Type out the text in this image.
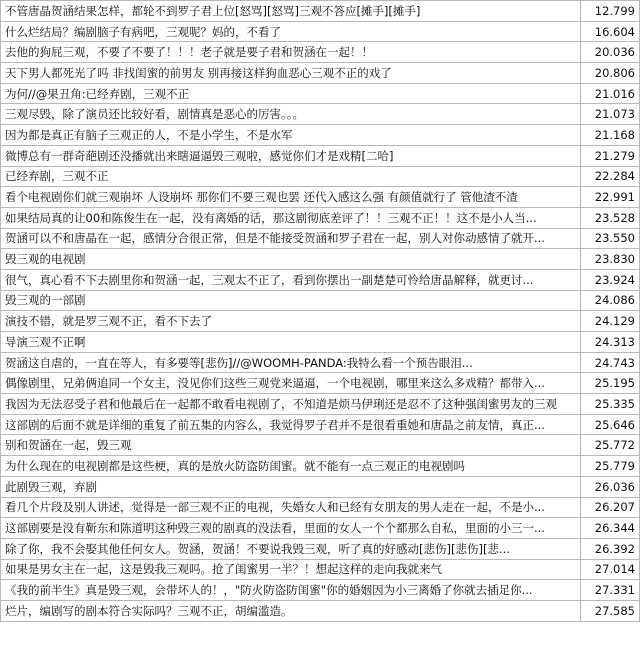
不管唐晶贺涵结果怎样，都轮不到罗子君上位[怒骂][怒骂]三观不答应[摊手][摊手]	12.799
什么烂结局？编剧脑子有病吧，三观呢？妈的，不看了	16.604
去他的狗屁三观，不要了不要了！！！老子就是要子君和贺涵在一起！！	20.036
天下男人都死光了吗 非找闺蜜的前男友 别再接这样狗血恶心三观不正的戏了	20.806
为何//@果丑角:已经弃剧，三观不正	21.016
三观尽毁，除了演员还比较好看，剧情真是恶心的厉害。。。	21.073
因为都是真正有脑子三观正的人，不是小学生，不是水军	21.168
微博总有一群奇葩剧还没播就出来瞎逼逼毁三观啦，感觉你们才是戏精[二哈]	21.279
已经弃剧，三观不正	22.284
看个电视剧你们就三观崩坏 人设崩坏 那你们不要三观也罢 还代入感这么强 有颜值就行了 管他渣不渣	22.991
如果结局真的让00和陈俊生在一起，没有离婚的话，那这剧彻底差评了！！三观不正！！这不是小人当...	23.528
贺涵可以不和唐晶在一起，感情分合很正常，但是不能接受贺涵和罗子君在一起，别人对你动感情了就开...	23.550
毁三观的电视剧	23.830
很气，真心看不下去剧里你和贺涵一起，三观太不正了，看到你摆出一副楚楚可怜给唐晶解释，就更讨...	23.924
毁三观的一部剧	24.086
演技不错，就是罗三观不正，看不下去了	24.129
导演三观不正啊	24.313
贺涵这自虐的，一直在等人，有多要等[悲伤]//@WOOMH-PANDA:我特么看一个预告眼泪...	24.743
偶像剧里，兄弟俩追同一个女主，没见你们这些三观党来逼逼，一个电视剧，哪里来这么多戏精？都带入...	25.195
我因为无法忍受子君和他最后在一起都不敢看电视剧了，不知道是烦马伊琍还是忍不了这种强闺蜜男友的三观	25.335
这部剧的后面不就是详细的重复了前五集的内容么，我觉得罗子君并不是很看重她和唐晶之前友情，真正...	25.646
别和贺涵在一起，毁三观	25.772
为什么现在的电视剧都是这些梗，真的是放火防盗防闺蜜。就不能有一点三观正的电视剧吗	25.779
此剧毁三观，弃剧	26.036
看几个片段及别人讲述，觉得是一部三观不正的电视，失婚女人和已经有女朋友的男人走在一起，不是小...	26.207
这部剧要是没有靳东和陈道明这种毁三观的剧真的没法看，里面的女人一个个都那么自私，里面的小三一...	26.344
除了你，我不会娶其他任何女人。贺涵，贺涵！不要说我毁三观，听了真的好感动[悲伤][悲伤][悲...	26.392
如果是男女主在一起，这是毁我三观吗。抢了闺蜜男一半？！想起这样的走向我就来气	27.014
《我的前半生》真是毁三观，会带坏人的！，"防火防盗防闺蜜"你的婚姻因为小三离婚了你就去插足你...	27.331
烂片，编剧写的剧本符合实际吗？三观不正，胡编滥造。	27.585
